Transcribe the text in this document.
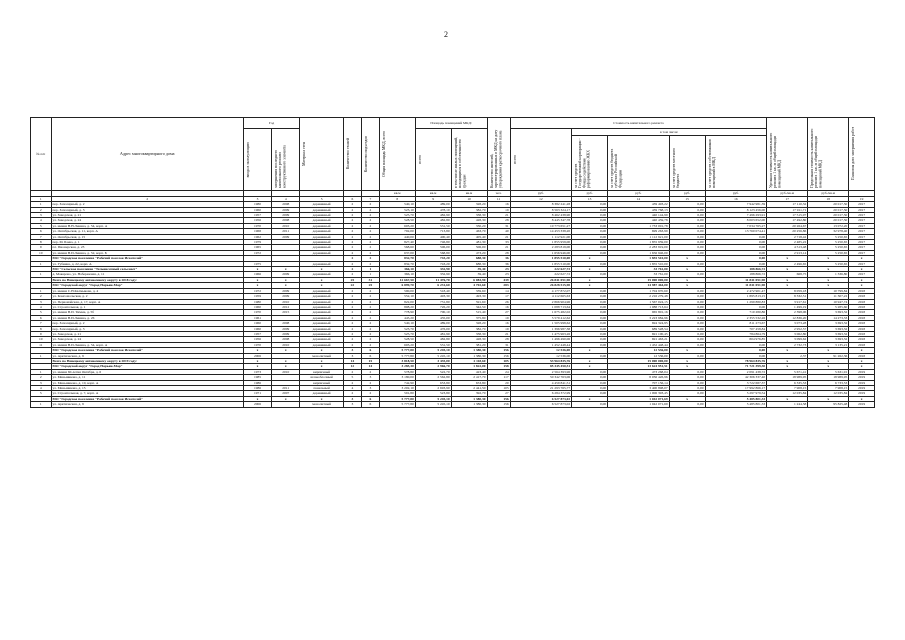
2
№ п/п	Адрес многоквартирного дома	Год		Материал стен	Количество этажей	Количество подъездов	Общая площадь МКД, всего	Площадь помещений МКД:		Количество жителей, зарегистрированных в МКД на дату утверждения краткосрочного плана	Стоимость капитального ремонта					Удельная стоимость капитального ремонта 1 кв. м общей площади помещений МКД	Предельная стоимость капитального ремонта 1 кв. м общей площади помещений МКД	Плановая дата завершения работ

		ввода в эксплуатацию	завершения последнего капитального ремонта конструктивного элемента					всего	в том числе жилых помещений, находящихся в собственности граждан		всего	в том числе:						

												за счет средств Государственной корпорации - Фонда содействия реформированию ЖКХ	за счет средств бюджета субъекта Российской Федерации	за счет средств местного бюджета	за счет средств собственников помещений в МКД			

							кв.м	кв.м	кв.м	чел.	руб.	руб.	руб.	руб.	руб.	руб./кв.м	руб./кв.м	
1	2	3	4	5	6	7	8	9	10	11	12	13	14	15	16	17	18	19
1	пер. Заполярный, д. 2	1980	2008	деревянный	2	2	540,10	489,00	328,20	16	8 382 241,28	0,00	439 493,22	0,00	7 942 981,39	17 110,32	20 017,50	2017
2	пер. Заполярный, д. 3	1960	2009	деревянный	2	2	523,10	478,10	382,70	19	8 563 324,17	0,00	439 768,13	0,00	8 123 456,00	17 911,71	20 017,50	2017
3	ул. Заводская, д. 21	1957	2009	деревянный	2	2	525,70	482,90	338,30	21	8 462 438,90	0,00	440 144,99	0,00	7 496 293,91	17 515,97	20 017,50	2017
4	ул. Заводская, д. 24	1956	2008	деревянный	2	2	528,50	482,80	428,30	28	8 445 347,78	0,00	440 459,78	0,00	8 003 652,00	17 492,80	20 017,50	2017
5	ул. имени В.Н.Ленина, д. 54, корп. А	1970	2010	деревянный	2	2	603,20	531,50	330,20	31	10 773 651,27	0,00	1 733 001,78	0,00	7 034 765,27	20 264,67	13 072,20	2017
6	ул. Октябрьская, д. 11, корп. А	1968	2011	деревянный	2	2	792,00	713,80	463,70	40	14 453 338,20	0,00	699 263,99	0,00	13 760 074,41	20 256,86	32 978,40	2017
7	ул. Октябрьская, д. 15	1962	2009	деревянный	2	2	440,00	400,40	405,40	21	1 112 921,00	0,00	1 112 921,00	0,00	0,00	2 718,42	5 250,65	2017
8	пер. М. Баева, д. 1	1979		деревянный	2	2	827,40	746,80	481,30	33	1 855 959,00	0,00	1 855 959,00	0,00	0,00	2 485,22	5 250,65	2017
9	пл. Пионерская, д. 23	1965		деревянный	2	2	568,60	506,00	506,00	21	2 283 819,00	0,00	2 283 819,00	0,00	0,00	4 513,48	5 250,65	2017
10	ул. имени В.И.Ленина, д. 52, корп. Б	1972		деревянный	2	2	637,00	568,80	473,20	28	1 656 946,00	0,00	1 656 946,00	0,00	0,00	2 913,14	5 250,65	2017
	МО "Городское поселение "Рабочий поселок Искателей"				2	2	832,70	743,20	688,30	36	1 855 510,00	х	1 855 510,00	х	0,00	х	х	х
1	ул. Губкина, д. 22, корп. А	1975		деревянный	2	2	832,70	743,20	688,30	36	1 855 510,00	0,00	1 855 510,00	0,00	0,00	2 496,65	5 250,65	2017
	МО "Сельское поселение "Тельвисочный сельсовет"	х	х	х	2	1	366,10	332,90	39,40	23	222 627,72	х	33 761,00	х	188 866,72	х	х	х
1	д. Макарово, ул. Набережная, д. 11	1966	2009	деревянный	2	1	366,10	332,90	39,40	23	222 627,72	0,00	33 761,00	0,00	188 866,72	668,75	1 336,80	2017
	Всего по Ненецкому автономному округу в 2018 году:	х	х	х	25	31	12 667,50	11 476,70	6 083,90	439	26 841 051,90	х	15 000 000,00	х	11 841 051,90	х	х	х
	МО "Городской округ "Город Нарьян-Мар"	х	х	х	22	25	6 899,70	6 231,60	4 702,60	283	26 828 515,90	х	14 987 464,00	х	11 841 051,90	х	х	х
1	ул. имени С.Н.Калмыкова, д. 4	1972	2009	деревянный	2	2	590,00	518,40	339,60	14	4 177 872,07	0,00	1 704 970,60	0,00	2 472 901,47	8 059,18	10 799,84	2018
2	ул. Комсомольская, д. 2	1959	2009	деревянный	2	2	552,10	493,30	493,30	17	4 112 665,63	0,00	2 216 279,48	0,00	1 895 813,15	8 332,51	11 307,22	2018
3	ул. Первомайская, д. 17, корп. А	1980	2010	деревянный	2	2	822,00	731,80	591,60	26	2 866 904,96	0,00	1 567 024,15	0,00	1 299 880,83	3 917,61	10 947,74	2018
4	ул. Строительная, д. 1	1960	2012	деревянный	2	2	808,20	726,20	342,50	16	1 088 713,64	0,00	1 088 713,64	0,00	0,00	1 499,19	5 285,60	2018
5	ул. имени В.И. Тимме, д. 5б	1970	2015	деревянный	2	2	778,90	700,10	515,40	27	1 675 482,02	0,00	965 801,16	0,00	710 280,86	2 398,06	3 693,32	2018
6	ул. имени В.И.Ленина, д. 26	1961		деревянный	2	2	445,20	435,00	375,80	19	5 579 412,62	0,00	3 223 984,96	0,00	2 355 532,26	12 836,20	14 273,33	2018
7	пер. Заполярный, д. 2	1960	2008	деревянный	2	2	540,10	489,00	328,20	16	1 505 998,62	0,00	694 324,95	0,00	811 273,67	3 073,28	3 693,32	2018
8	пер. Заполярный, д. 3	1960	2009	деревянный	2	2	523,70	476,00	382,70	19	1 396 987,38	0,00	689 528,54	0,00	707 458,84	2 952,57	3 693,32	2018
9	ул. Заводская, д. 21	1957	2009	деревянный	2	2	525,70	481,90	338,30	21	1 475 963,26	0,00	691 100,45	0,00	784 864,79	3 062,80	3 693,32	2018
10	ул. Заводская, д. 24	1956	2008	деревянный	2	2	528,50	482,80	428,30	28	1 496 490,06	0,00	691 463,21	0,00	804 976,85	3 099,62	3 693,32	2018
11	ул. имени В.И.Ленина, д. 54, корп. А	1970	2010	деревянный	2	2	603,20	531,50	381,20	31	1 452 448,44	0,00	1 452 448,44	0,00	0,00	2 732,73	3 135,21	2018
	МО "Городское поселение "Рабочий поселок Искателей"	х	х	х	3	6	5 777,80	5 245,10	1 380,30	156	12 536,00	х	12 536,00	х	0,00	х	х	х
1	ул. Арктическая, д. 9	2006		монолитный	3	6	5 777,80	5 245,10	1 380,30	156	12 536,00	0,00	12 536,00	0,00	0,00	2,37	91 262,36	2018
	Всего по Ненецкому автономному округу в 2019 году:	х	х	х	14	15	3 818,50	3 435,00	2 118,60	105	53 964 835,76	х	15 000 000,00	х	78 964 835,76	х	х	х
	МО "Городской округ "Город Нарьян-Мар"	х	х	х	12	14	3 285,30	2 966,70	1 822,00	158	85 345 450,51	х	13 624 951,51	х	71 721 399,30	х	х	х
1	ул. имени 60-летия Октября, д. 6	1973	2010	кирпичный	2	2	578,80	522,70	423,40	24	2 564 393,96	0,00	473 268,04	0,00	2 091 438,72	5 671,41	5 631,91	2019
2	ул. Меньшикова, д. 11	1985		шлакоблочный	5	3	3 180,00	2 562,80	2 417,70	117	50 342 763,06	0,00	8 036 426,96	0,00	42 306 337,40	18 989,95	18 989,95	2019
3	ул. Меньшикова, д. 10, корп. А	1986		кирпичный	2	2	742,90	653,80	653,80	20	4 459 841,51	0,00	707 156,14	0,00	3 722 687,37	6 335,53	6 733,53	2019
4	ул. Меньшикова, д. 15	1986	2011	панельный	4	3	3 202,10	2 693,90	2 441,50	105	21 293 765,77	0,00	3 400 898,07	0,00	17 992 866,17	7 908,15	7 908,15	2019
5	ул. Строительная, д. 7, корп. А	1971	2007	деревянный	2	2	591,80	523,80	392,70	27	6 284 372,99	0,00	1 006 393,45	0,00	5 297 979,54	12 035,84	12 035,84	2019
	МО "Городское поселение "Рабочий поселок Искателей"	х	х	х	3	6	5 777,80	5 245,10	1 380,30	156	6 527 873,02	х	1 042 071,69	х	5 485 801,33	х	х	х
1	ул. Арктическая, д. 9	2006		монолитный	3	6	5 777,80	5 245,10	1 380,30	156	6 527 873,02	0,00	1 042 071,69	0,00	5 485 801,33	1 244,58	95 825,48	2019
